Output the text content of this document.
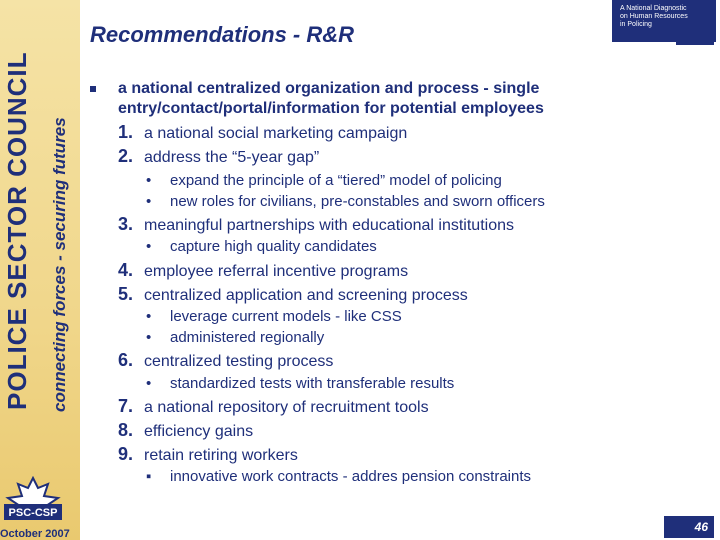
POLICE SECTOR COUNCIL connecting forces - securing futures
PSC-CSP
October 2007
Recommendations - R&R
A National Diagnostic
on Human Resources
in Policing
a national centralized organization and process - single
entry/contact/portal/information for potential employees
1. a national social marketing campaign
2. address the “5-year gap”
• expand the principle of a “tiered” model of policing
• new roles for civilians, pre-constables and sworn officers
3. meaningful partnerships with educational institutions
• capture high quality candidates
4. employee referral incentive programs
5. centralized application and screening process
• leverage current models - like CSS
• administered regionally
6. centralized testing process
• standardized tests with transferable results
7. a national repository of recruitment tools
8. efficiency gains
9. retain retiring workers
▪ innovative work contracts - addres pension constraints
46
